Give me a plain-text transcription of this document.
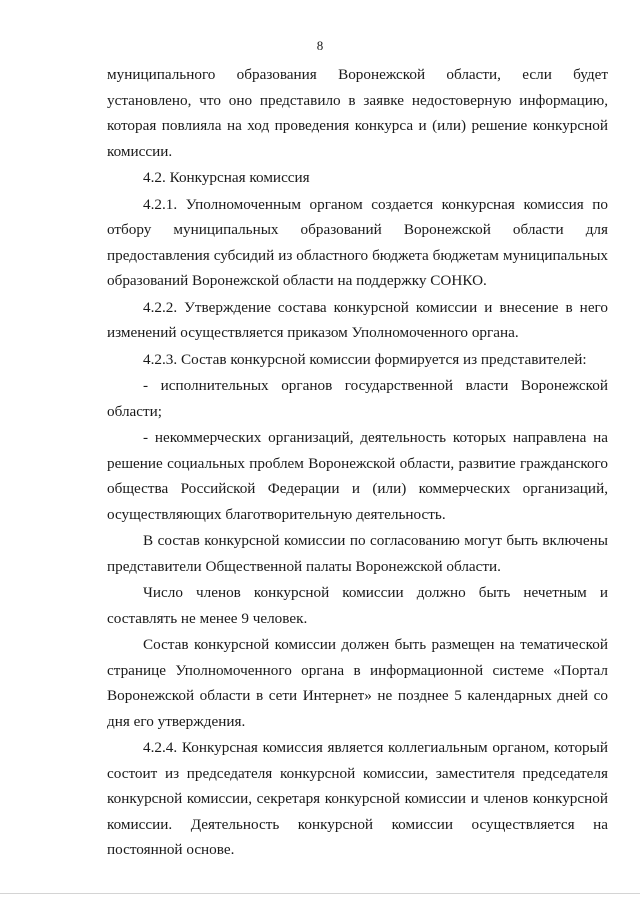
8

муниципального образования Воронежской области, если будет установлено, что оно представило в заявке недостоверную информацию, которая повлияла на ход проведения конкурса и (или) решение конкурсной комиссии.

4.2. Конкурсная комиссия

4.2.1. Уполномоченным органом создается конкурсная комиссия по отбору муниципальных образований Воронежской области для предоставления субсидий из областного бюджета бюджетам муниципальных образований Воронежской области на поддержку СОНКО.

4.2.2. Утверждение состава конкурсной комиссии и внесение в него изменений осуществляется приказом Уполномоченного органа.

4.2.3. Состав конкурсной комиссии формируется из представителей:

- исполнительных органов государственной власти Воронежской области;

- некоммерческих организаций, деятельность которых направлена на решение социальных проблем Воронежской области, развитие гражданского общества Российской Федерации и (или) коммерческих организаций, осуществляющих благотворительную деятельность.

В состав конкурсной комиссии по согласованию могут быть включены представители Общественной палаты Воронежской области.

Число членов конкурсной комиссии должно быть нечетным и составлять не менее 9 человек.

Состав конкурсной комиссии должен быть размещен на тематической странице Уполномоченного органа в информационной системе «Портал Воронежской области в сети Интернет» не позднее 5 календарных дней со дня его утверждения.

4.2.4. Конкурсная комиссия является коллегиальным органом, который состоит из председателя конкурсной комиссии, заместителя председателя конкурсной комиссии, секретаря конкурсной комиссии и членов конкурсной комиссии. Деятельность конкурсной комиссии осуществляется на постоянной основе.
